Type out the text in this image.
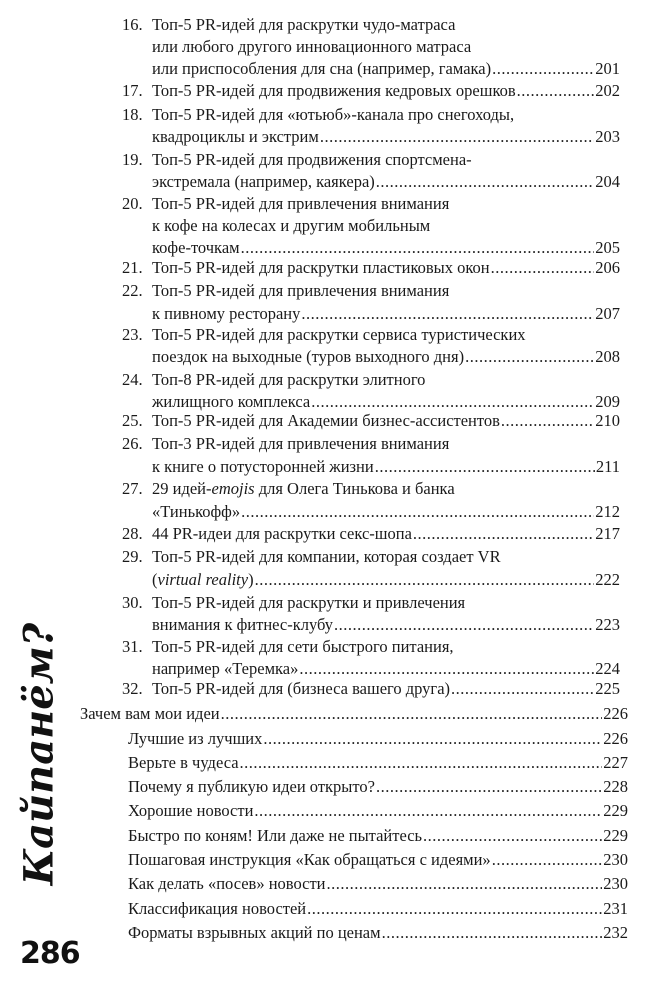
16. Топ-5 PR-идей для раскрутки чудо-матраса
или любого другого инновационного матраса
или приспособления для сна (например, гамака) .....	201
17. Топ-5 PR-идей для продвижения кедровых орешков .....	202
18. Топ-5 PR-идей для «ютьюб»-канала про снегоходы,
квадроциклы и экстрим .....	203
19. Топ-5 PR-идей для продвижения спортсмена-
экстремала (например, каякера) .....	204
20. Топ-5 PR-идей для привлечения внимания
к кофе на колесах и другим мобильным
кофе-точкам .....	205
21. Топ-5 PR-идей для раскрутки пластиковых окон .....	206
22. Топ-5 PR-идей для привлечения внимания
к пивному ресторану .....	207
23. Топ-5 PR-идей для раскрутки сервиса туристических
поездок на выходные (туров выходного дня) .....	208
24. Топ-8 PR-идей для раскрутки элитного
жилищного комплекса .....	209
25. Топ-5 PR-идей для Академии бизнес-ассистентов .....	210
26. Топ-3 PR-идей для привлечения внимания
к книге о потусторонней жизни .....	211
27. 29 идей-emojis для Олега Тинькова и банка
«Тинькофф» .....	212
28. 44 PR-идеи для раскрутки секс-шопа .....	217
29. Топ-5 PR-идей для компании, которая создает VR
(virtual reality) .....	222
30. Топ-5 PR-идей для раскрутки и привлечения
внимания к фитнес-клубу .....	223
31. Топ-5 PR-идей для сети быстрого питания,
например «Теремка» .....	224
32. Топ-5 PR-идей для (бизнеса вашего друга) .....	225
Зачем вам мои идеи .....	226
Лучшие из лучших .....	226
Верьте в чудеса .....	227
Почему я публикую идеи открыто? .....	228
Хорошие новости .....	229
Быстро по коням! Или даже не пытайтесь .....	229
Пошаговая инструкция «Как обращаться с идеями» .....	230
Как делать «посев» новости .....	230
Классификация новостей .....	231
Форматы взрывных акций по ценам .....	232
Кайпанём?
286
